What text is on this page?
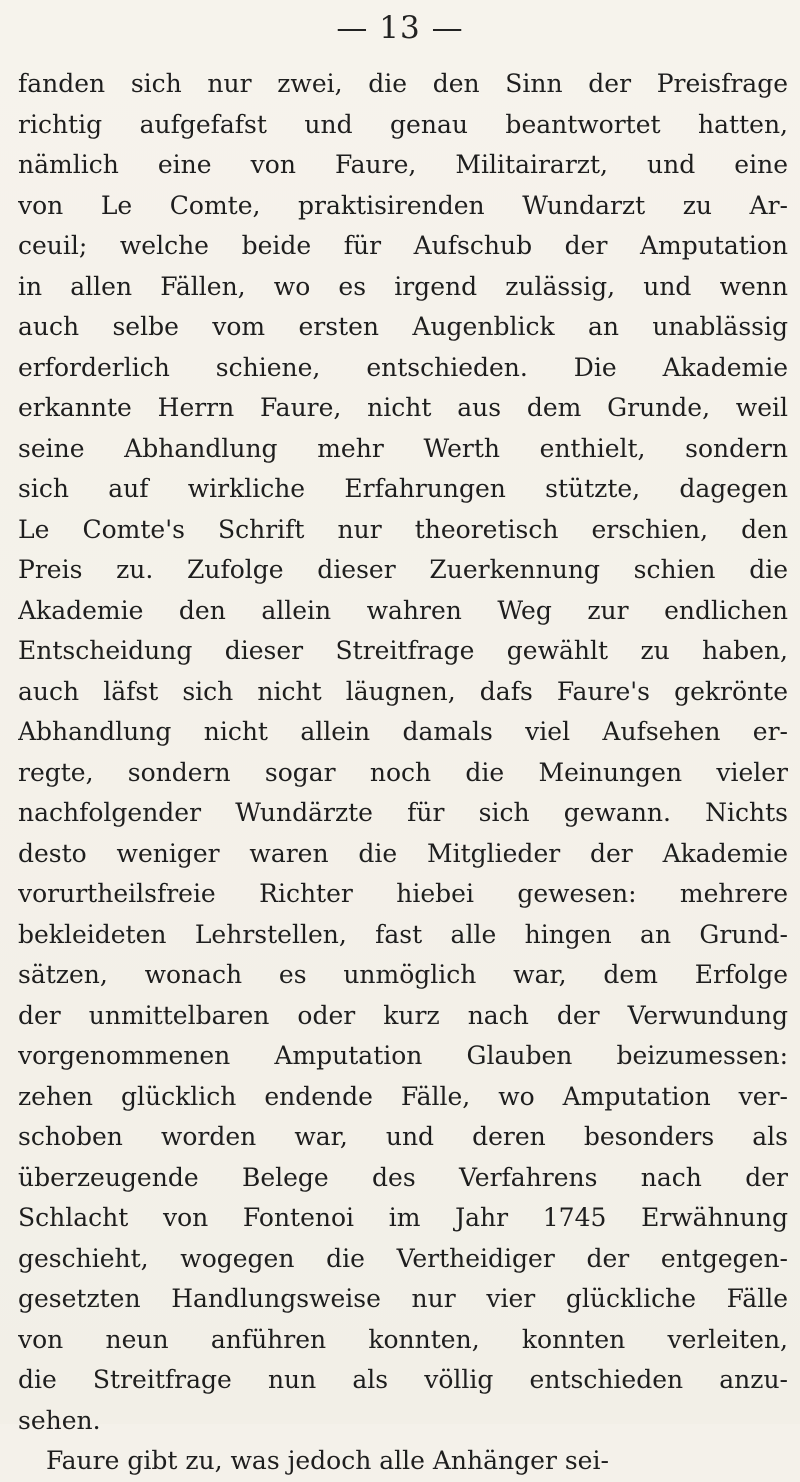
— 13 —
fanden sich nur zwei, die den Sinn der Preisfrage
richtig aufgefafst und genau beantwortet hatten,
nämlich eine von Faure, Militairarzt, und eine
von Le Comte, praktisirenden Wundarzt zu Ar-
ceuil; welche beide für Aufschub der Amputation
in allen Fällen, wo es irgend zulässig, und wenn
auch selbe vom ersten Augenblick an unablässig
erforderlich schiene, entschieden. Die Akademie
erkannte Herrn Faure, nicht aus dem Grunde, weil
seine Abhandlung mehr Werth enthielt, sondern
sich auf wirkliche Erfahrungen stützte, dagegen
Le Comte's Schrift nur theoretisch erschien, den
Preis zu. Zufolge dieser Zuerkennung schien die
Akademie den allein wahren Weg zur endlichen
Entscheidung dieser Streitfrage gewählt zu haben,
auch läfst sich nicht läugnen, dafs Faure's gekrönte
Abhandlung nicht allein damals viel Aufsehen er-
regte, sondern sogar noch die Meinungen vieler
nachfolgender Wundärzte für sich gewann. Nichts
desto weniger waren die Mitglieder der Akademie
vorurtheilsfreie Richter hiebei gewesen: mehrere
bekleideten Lehrstellen, fast alle hingen an Grund-
sätzen, wonach es unmöglich war, dem Erfolge
der unmittelbaren oder kurz nach der Verwundung
vorgenommenen Amputation Glauben beizumessen:
zehen glücklich endende Fälle, wo Amputation ver-
schoben worden war, und deren besonders als
überzeugende Belege des Verfahrens nach der
Schlacht von Fontenoi im Jahr 1745 Erwähnung
geschieht, wogegen die Vertheidiger der entgegen-
gesetzten Handlungsweise nur vier glückliche Fälle
von neun anführen konnten, konnten verleiten,
die Streitfrage nun als völlig entschieden anzu-
sehen.
Faure gibt zu, was jedoch alle Anhänger sei-
